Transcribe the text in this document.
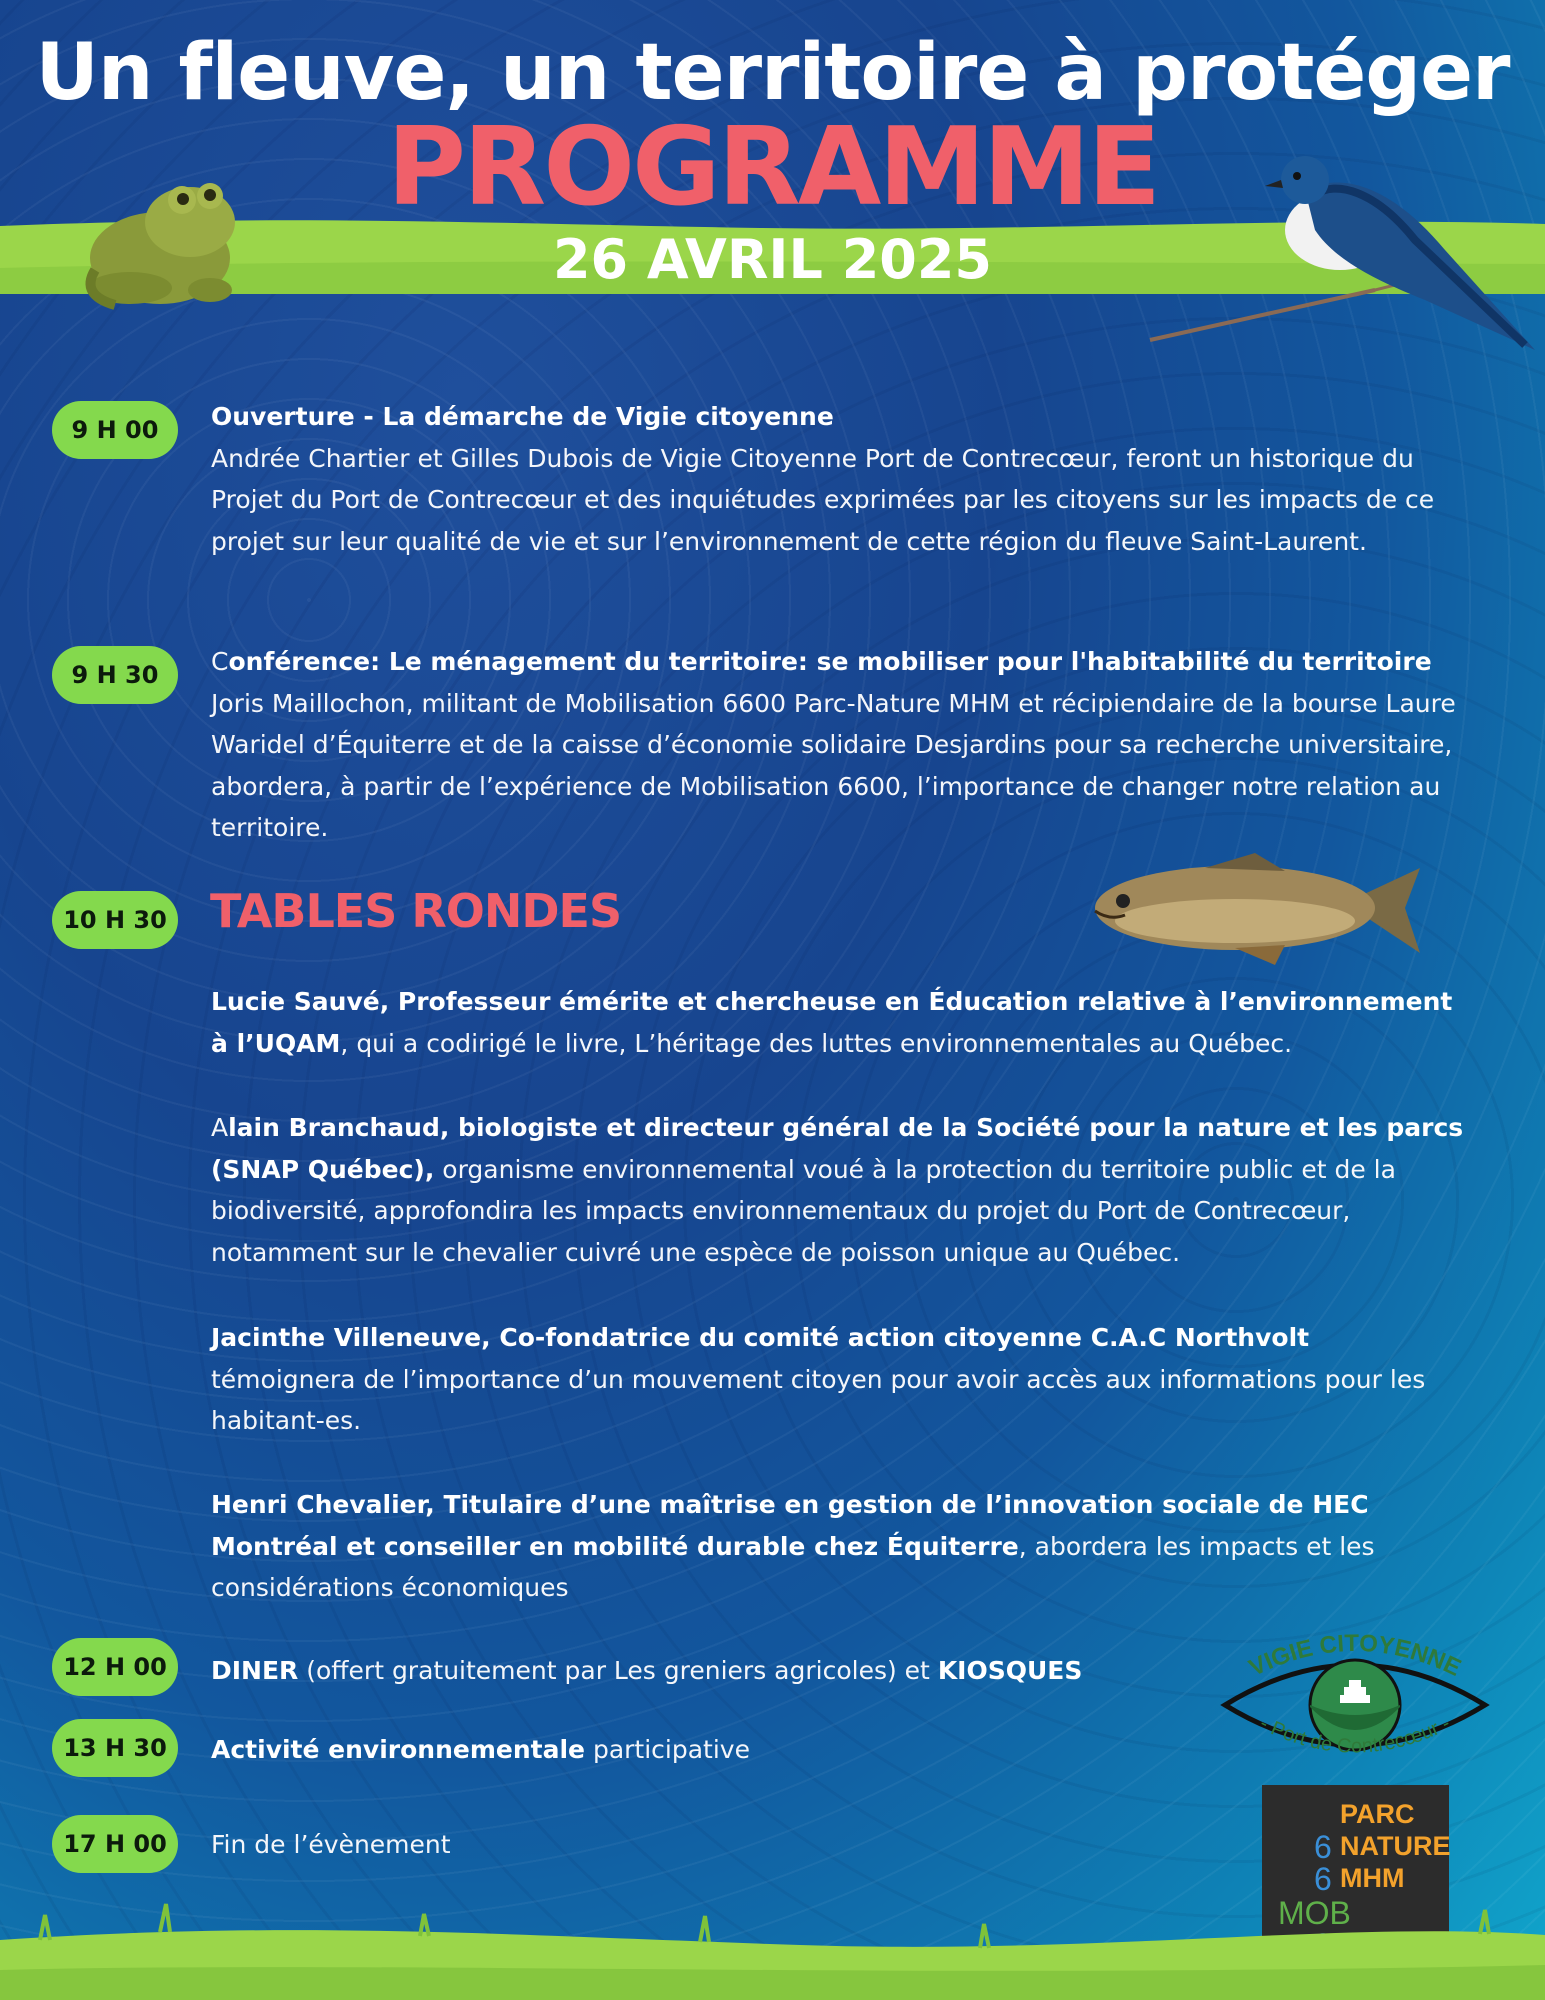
Un fleuve, un territoire à protéger
PROGRAMME
26 AVRIL 2025
9 H 00	Ouverture - La démarche de Vigie citoyenne
Andrée Chartier et Gilles Dubois de Vigie Citoyenne Port de Contrecœur, feront un historique du Projet du Port de Contrecœur et des inquiétudes exprimées par les citoyens sur les impacts de ce projet sur leur qualité de vie et sur l’environnement de cette région du fleuve Saint-Laurent.
9 H 30	Conférence: Le ménagement du territoire: se mobiliser pour l'habitabilité du territoire
Joris Maillochon, militant de Mobilisation 6600 Parc-Nature MHM et récipiendaire de la bourse Laure Waridel d’Équiterre et de la caisse d’économie solidaire Desjardins pour sa recherche universitaire, abordera, à partir de l’expérience de Mobilisation 6600, l’importance de changer notre relation au territoire.
10 H 30 TABLES RONDES
Lucie Sauvé, Professeur émérite et chercheuse en Éducation relative à l’environnement à l’UQAM, qui a codirigé le livre, L’héritage des luttes environnementales au Québec.
Alain Branchaud, biologiste et directeur général de la Société pour la nature et les parcs (SNAP Québec), organisme environnemental voué à la protection du territoire public et de la biodiversité, approfondira les impacts environnementaux du projet du Port de Contrecœur, notamment sur le chevalier cuivré une espèce de poisson unique au Québec.
Jacinthe Villeneuve, Co-fondatrice du comité action citoyenne C.A.C Northvolt
témoignera de l’importance d’un mouvement citoyen pour avoir accès aux informations pour les habitant-es.
Henri Chevalier, Titulaire d’une maîtrise en gestion de l’innovation sociale de HEC Montréal et conseiller en mobilité durable chez Équiterre, abordera les impacts et les considérations économiques
12 H 00	DINER (offert gratuitement par Les greniers agricoles) et KIOSQUES
13 H 30	Activité environnementale participative
17 H 00	Fin de l’évènement
VIGIE CITOYENNE
- Port de Contrecœur -
PARC
NATURE
MHM
6
6
MOB
